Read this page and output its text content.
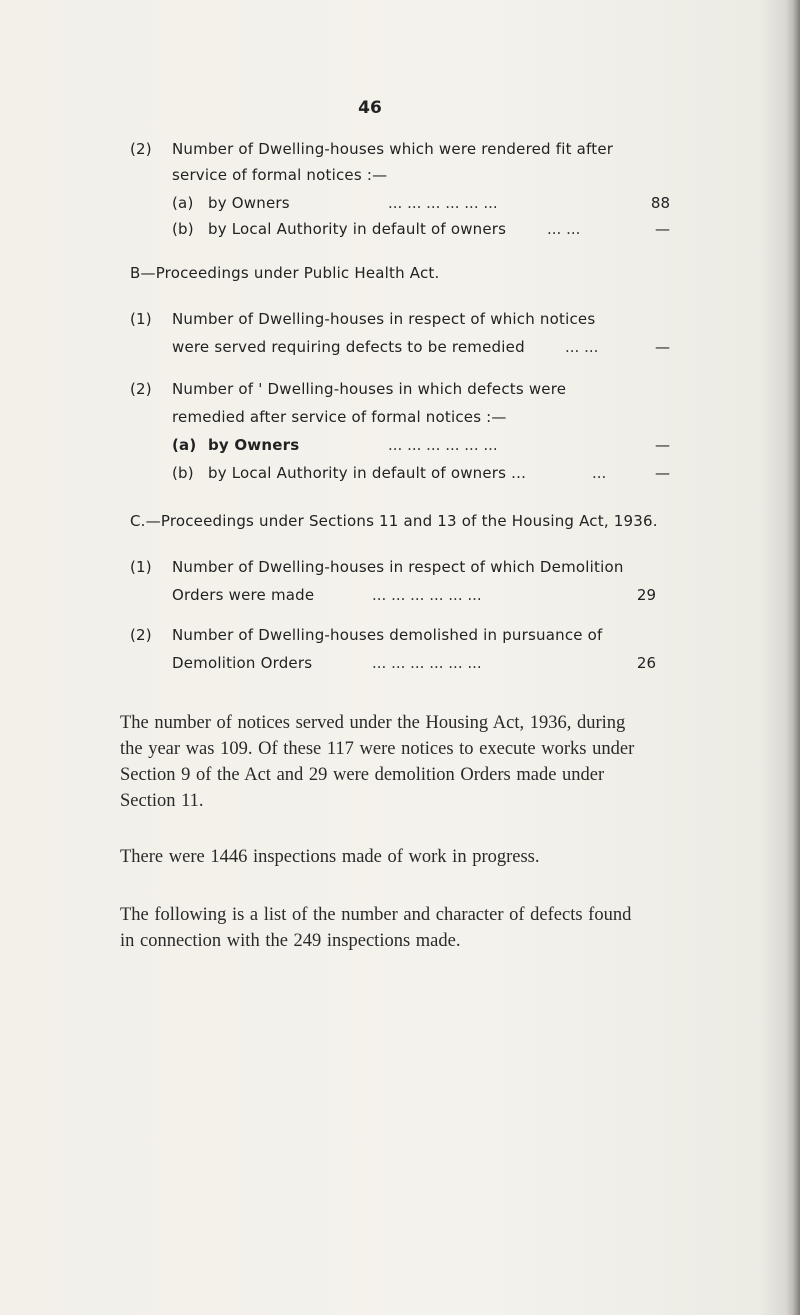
46
(2) Number of Dwelling-houses which were rendered fit after
service of formal notices :—
(a) by Owners	... ... ... ... ... ...	88
(b) by Local Authority in default of owners	... ...	—
B—Proceedings under Public Health Act.
(1) Number of Dwelling-houses in respect of which notices
were served requiring defects to be remedied	... ...	—
(2) Number of ' Dwelling-houses in which defects were
remedied after service of formal notices :—
(a) by Owners	... ... ... ... ... ...	—
(b) by Local Authority in default of owners ...	...	—
C.—Proceedings under Sections 11 and 13 of the Housing Act, 1936.
(1) Number of Dwelling-houses in respect of which Demolition
Orders were made	... ... ... ... ... ...	29
(2) Number of Dwelling-houses demolished in pursuance of
Demolition Orders	... ... ... ... ... ...	26
The number of notices served under the Housing Act, 1936, during
the year was 109. Of these 117 were notices to execute works under
Section 9 of the Act and 29 were demolition Orders made under
Section 11.
There were 1446 inspections made of work in progress.
The following is a list of the number and character of defects found
in connection with the 249 inspections made.
